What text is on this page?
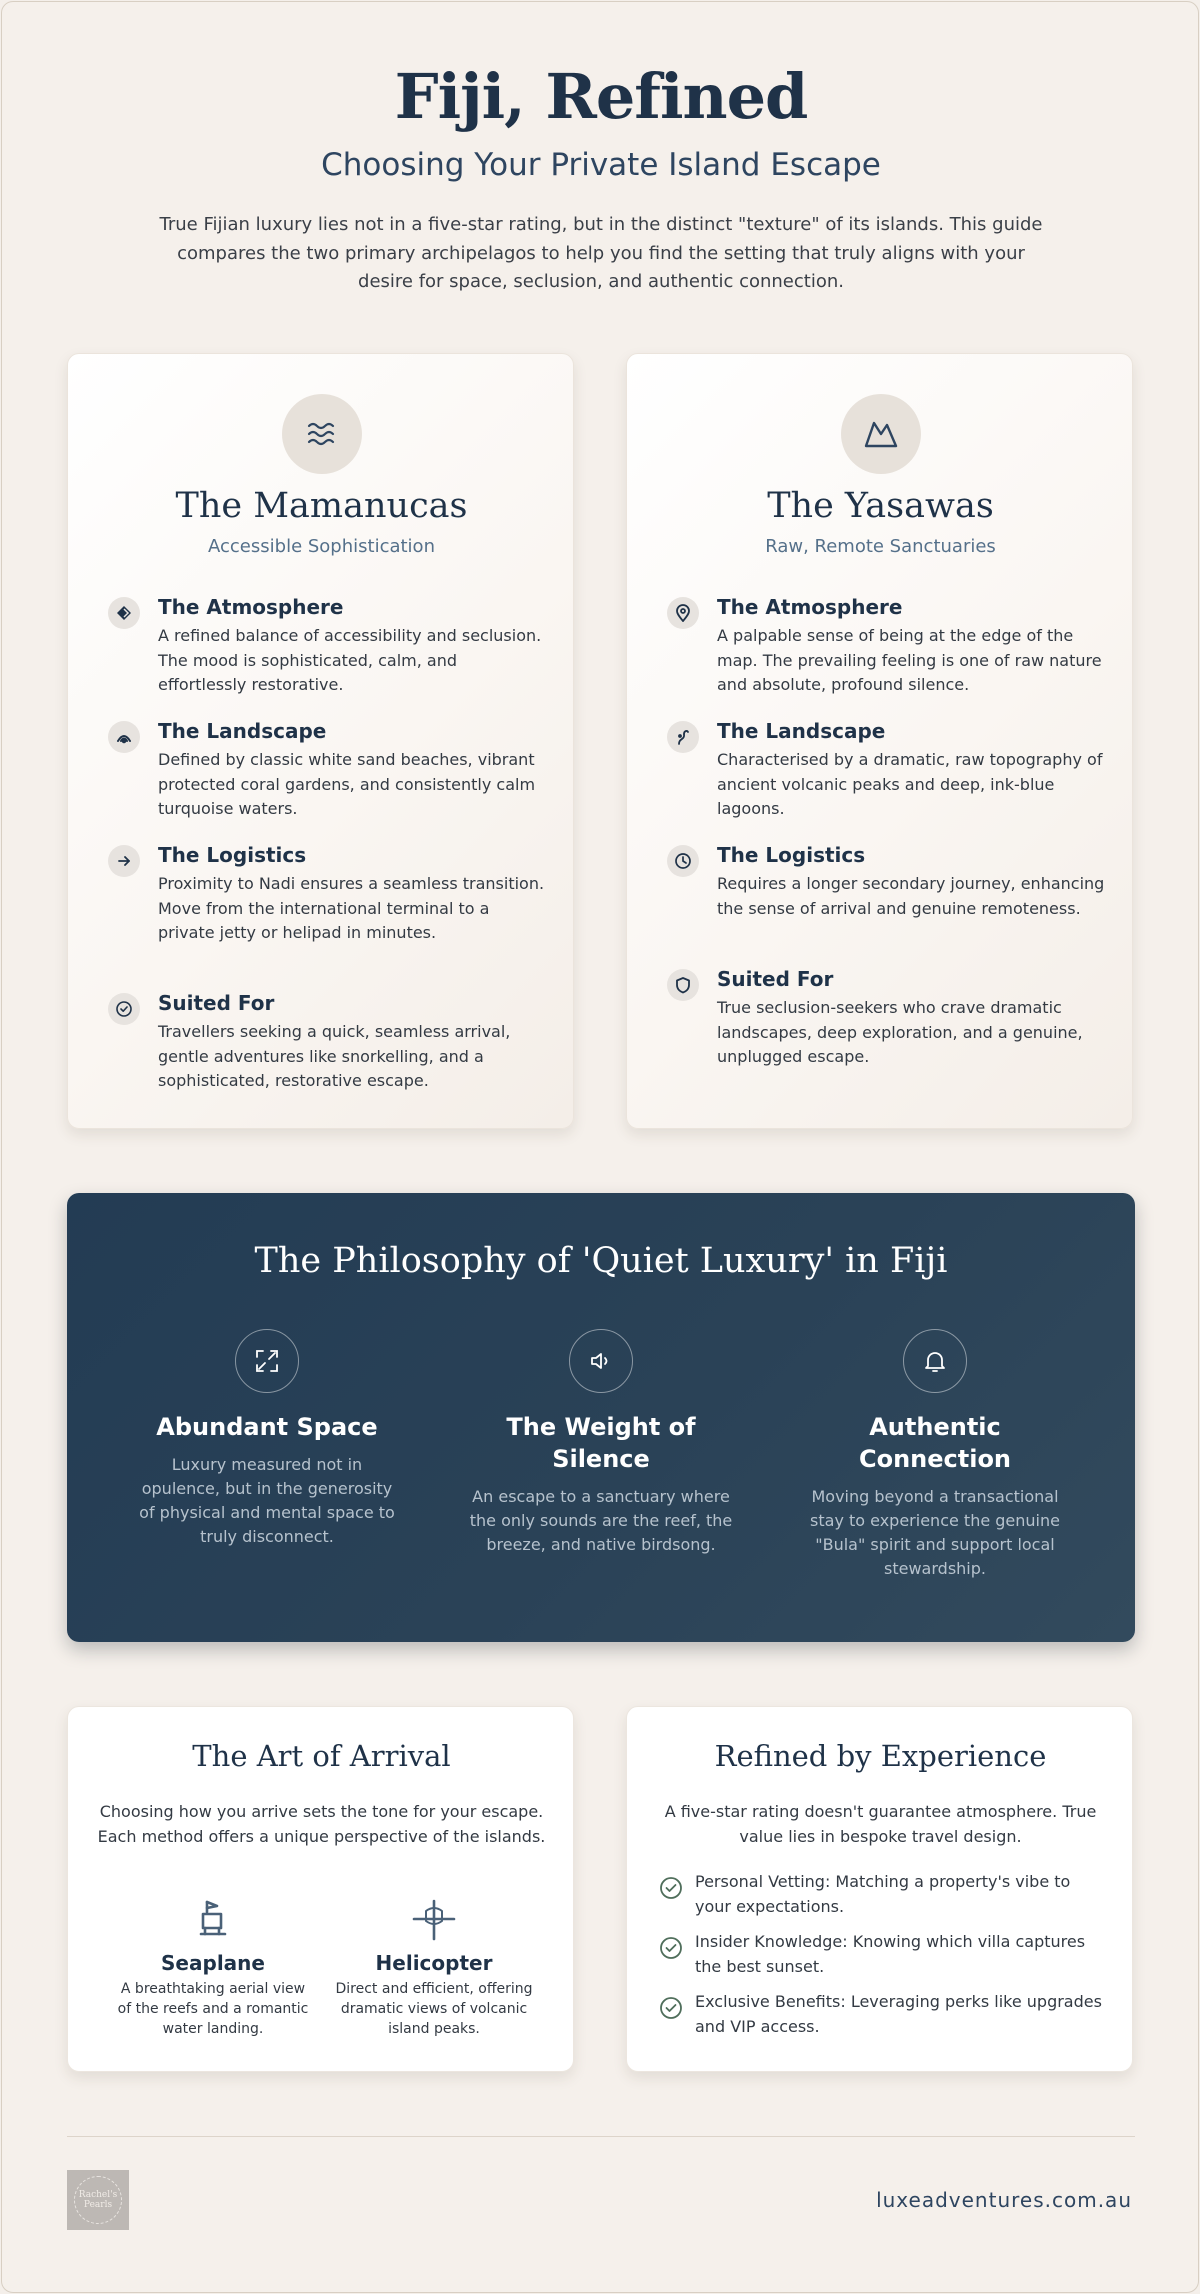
Fiji, Refined
Choosing Your Private Island Escape

True Fijian luxury lies not in a five-star rating, but in the distinct "texture" of its islands. This guide compares the two primary archipelagos to help you find the setting that truly aligns with your desire for space, seclusion, and authentic connection.

The Mamanucas
Accessible Sophistication
The Atmosphere
A refined balance of accessibility and seclusion. The mood is sophisticated, calm, and effortlessly restorative.
The Landscape
Defined by classic white sand beaches, vibrant protected coral gardens, and consistently calm turquoise waters.
The Logistics
Proximity to Nadi ensures a seamless transition. Move from the international terminal to a private jetty or helipad in minutes.
Suited For
Travellers seeking a quick, seamless arrival, gentle adventures like snorkelling, and a sophisticated, restorative escape.
The Yasawas
Raw, Remote Sanctuaries
The Atmosphere
A palpable sense of being at the edge of the map. The prevailing feeling is one of raw nature and absolute, profound silence.
The Landscape
Characterised by a dramatic, raw topography of ancient volcanic peaks and deep, ink-blue lagoons.
The Logistics
Requires a longer secondary journey, enhancing the sense of arrival and genuine remoteness.
Suited For
True seclusion-seekers who crave dramatic landscapes, deep exploration, and a genuine, unplugged escape.
The Philosophy of 'Quiet Luxury' in Fiji
Abundant Space
Luxury measured not in opulence, but in the generosity of physical and mental space to truly disconnect.
The Weight of Silence
An escape to a sanctuary where the only sounds are the reef, the breeze, and native birdsong.
Authentic Connection
Moving beyond a transactional stay to experience the genuine "Bula" spirit and support local stewardship.
The Art of Arrival
Choosing how you arrive sets the tone for your escape. Each method offers a unique perspective of the islands.
Seaplane
A breathtaking aerial view of the reefs and a romantic water landing.
Helicopter
Direct and efficient, offering dramatic views of volcanic island peaks.
Refined by Experience
A five-star rating doesn't guarantee atmosphere. True value lies in bespoke travel design.
Personal Vetting: Matching a property's vibe to your expectations.
Insider Knowledge: Knowing which villa captures the best sunset.
Exclusive Benefits: Leveraging perks like upgrades and VIP access.
Rachel's Pearls	luxeadventures.com.au
